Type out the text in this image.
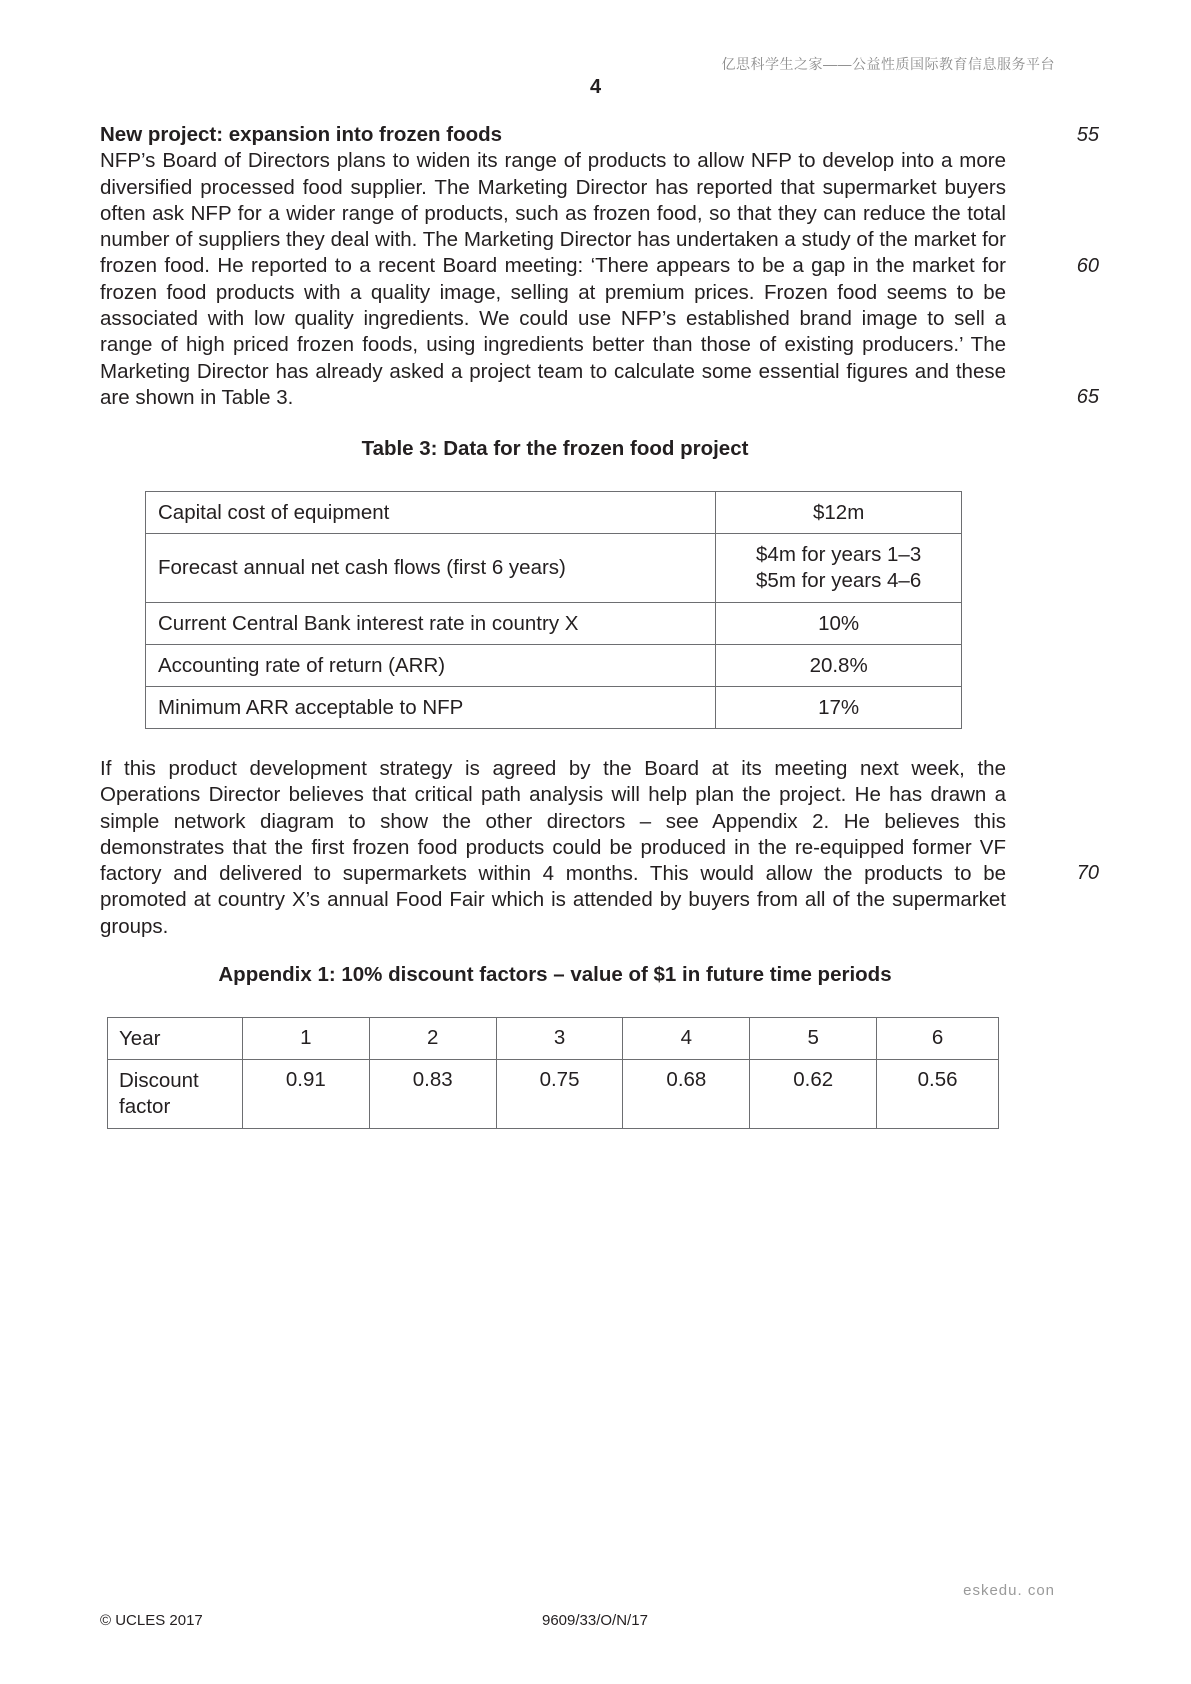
亿思科学生之家——公益性质国际教育信息服务平台
4
New project: expansion into frozen foods
NFP’s Board of Directors plans to widen its range of products to allow NFP to develop into a more diversified processed food supplier. The Marketing Director has reported that supermarket buyers often ask NFP for a wider range of products, such as frozen food, so that they can reduce the total number of suppliers they deal with. The Marketing Director has undertaken a study of the market for frozen food. He reported to a recent Board meeting: ‘There appears to be a gap in the market for frozen food products with a quality image, selling at premium prices. Frozen food seems to be associated with low quality ingredients. We could use NFP’s established brand image to sell a range of high priced frozen foods, using ingredients better than those of existing producers.’ The Marketing Director has already asked a project team to calculate some essential figures and these are shown in Table 3.
55
60
65
70
Table 3: Data for the frozen food project
Capital cost of equipment	$12m
Forecast annual net cash flows (first 6 years)	$4m for years 1–3
$5m for years 4–6

Current Central Bank interest rate in country X	10%
Accounting rate of return (ARR)	20.8%
Minimum ARR acceptable to NFP	17%
If this product development strategy is agreed by the Board at its meeting next week, the Operations Director believes that critical path analysis will help plan the project. He has drawn a simple network diagram to show the other directors – see Appendix 2. He believes this demonstrates that the first frozen food products could be produced in the re-equipped former VF factory and delivered to supermarkets within 4 months. This would allow the products to be promoted at country X’s annual Food Fair which is attended by buyers from all of the supermarket groups.
Appendix 1: 10% discount factors – value of $1 in future time periods
Year	1	2	3	4	5	6

Discount
factor	0.91	0.83	0.75	0.68	0.62	0.56
eskedu. con
© UCLES 2017	9609/33/O/N/17
